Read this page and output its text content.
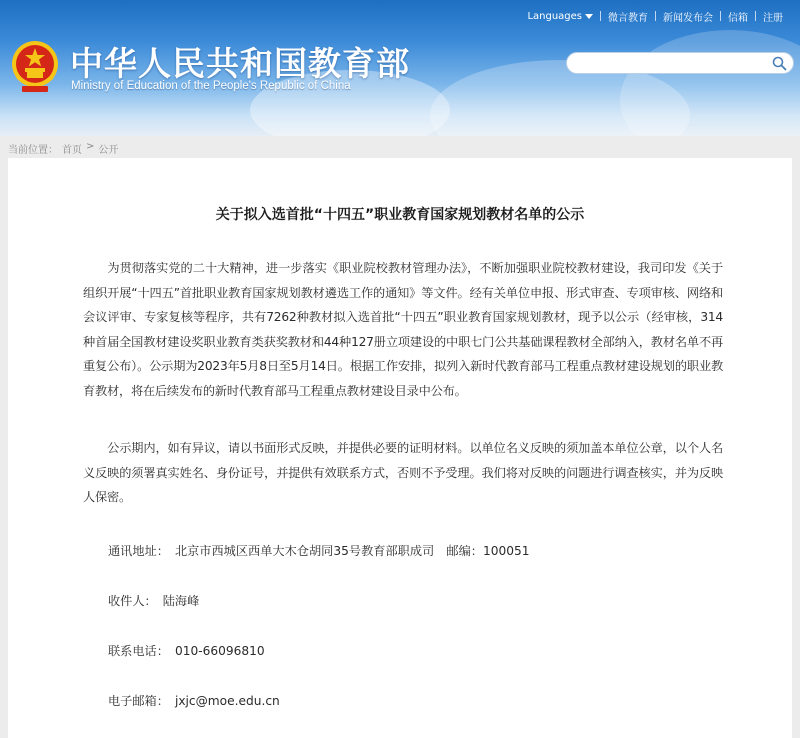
Languages	微言教育	新闻发布会	信箱	注册
中华人民共和国教育部
Ministry of Education of the People's Republic of China
当前位置： 首页 > 公开
关于拟入选首批“十四五”职业教育国家规划教材名单的公示
　　为贯彻落实党的二十大精神，进一步落实《职业院校教材管理办法》，不断加强职业院校教材建设，我司印发《关于组织开展“十四五”首批职业教育国家规划教材遴选工作的通知》等文件。经有关单位申报、形式审查、专项审核、网络和会议评审、专家复核等程序，共有7262种教材拟入选首批“十四五”职业教育国家规划教材，现予以公示（经审核，314种首届全国教材建设奖职业教育类获奖教材和44种127册立项建设的中职七门公共基础课程教材全部纳入，教材名单不再重复公布）。公示期为2023年5月8日至5月14日。根据工作安排，拟列入新时代教育部马工程重点教材建设规划的职业教育教材，将在后续发布的新时代教育部马工程重点教材建设目录中公布。
　　公示期内，如有异议，请以书面形式反映，并提供必要的证明材料。以单位名义反映的须加盖本单位公章，以个人名义反映的须署真实姓名、身份证号，并提供有效联系方式，否则不予受理。我们将对反映的问题进行调查核实，并为反映人保密。
通讯地址： 北京市西城区西单大木仓胡同35号教育部职成司　邮编：100051
收件人： 陆海峰
联系电话： 010-66096810
电子邮箱： jxjc@moe.edu.cn
